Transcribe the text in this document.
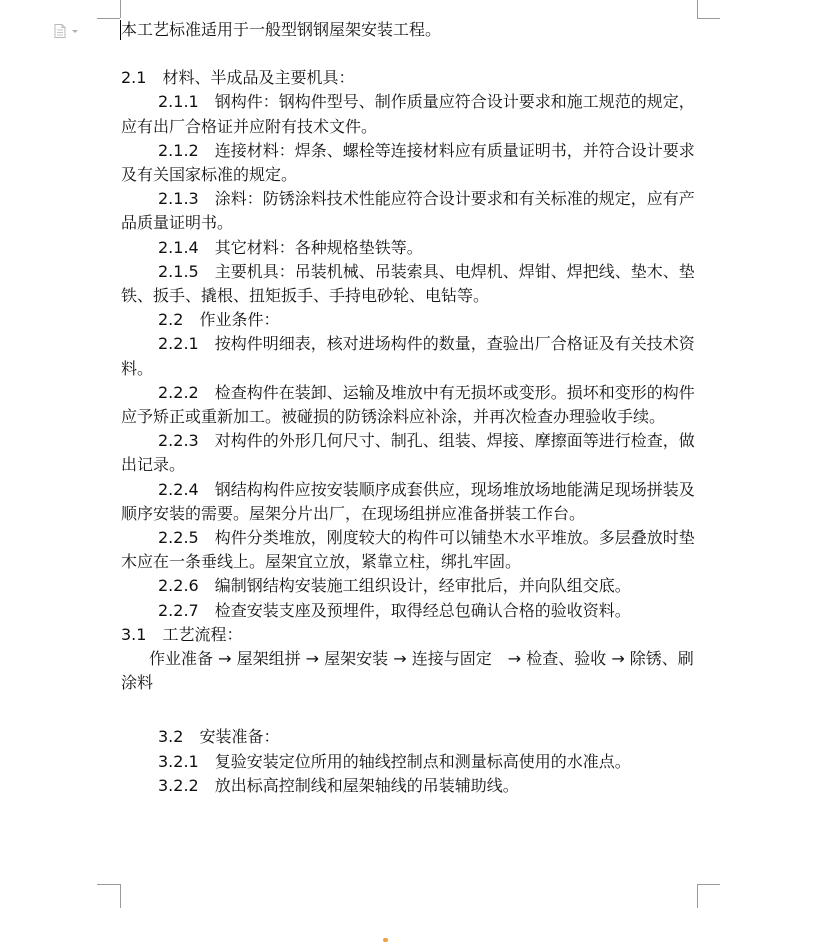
本工艺标准适用于一般型钢钢屋架安装工程。

2.1　材料、半成品及主要机具：

2.1.1　钢构件：钢构件型号、制作质量应符合设计要求和施工规范的规定，应有出厂合格证并应附有技术文件。

2.1.2　连接材料：焊条、螺栓等连接材料应有质量证明书，并符合设计要求及有关国家标准的规定。

2.1.3　涂料：防锈涂料技术性能应符合设计要求和有关标准的规定，应有产品质量证明书。

2.1.4　其它材料：各种规格垫铁等。

2.1.5　主要机具：吊装机械、吊装索具、电焊机、焊钳、焊把线、垫木、垫铁、扳手、撬根、扭矩扳手、手持电砂轮、电钻等。

2.2　作业条件：

2.2.1　按构件明细表，核对进场构件的数量，查验出厂合格证及有关技术资料。

2.2.2　检查构件在装卸、运输及堆放中有无损坏或变形。损坏和变形的构件应予矫正或重新加工。被碰损的防锈涂料应补涂，并再次检查办理验收手续。

2.2.3　对构件的外形几何尺寸、制孔、组装、焊接、摩擦面等进行检查，做出记录。

2.2.4　钢结构构件应按安装顺序成套供应，现场堆放场地能满足现场拼装及顺序安装的需要。屋架分片出厂，在现场组拼应准备拼装工作台。

2.2.5　构件分类堆放，刚度较大的构件可以铺垫木水平堆放。多层叠放时垫木应在一条垂线上。屋架宜立放，紧靠立柱，绑扎牢固。

2.2.6　编制钢结构安装施工组织设计，经审批后，并向队组交底。

2.2.7　检查安装支座及预埋件，取得经总包确认合格的验收资料。

3.1　工艺流程：

作业准备 → 屋架组拼 → 屋架安装 → 连接与固定　→ 检查、验收 → 除锈、刷涂料

3.2　安装准备：

3.2.1　复验安装定位所用的轴线控制点和测量标高使用的水准点。

3.2.2　放出标高控制线和屋架轴线的吊装辅助线。
